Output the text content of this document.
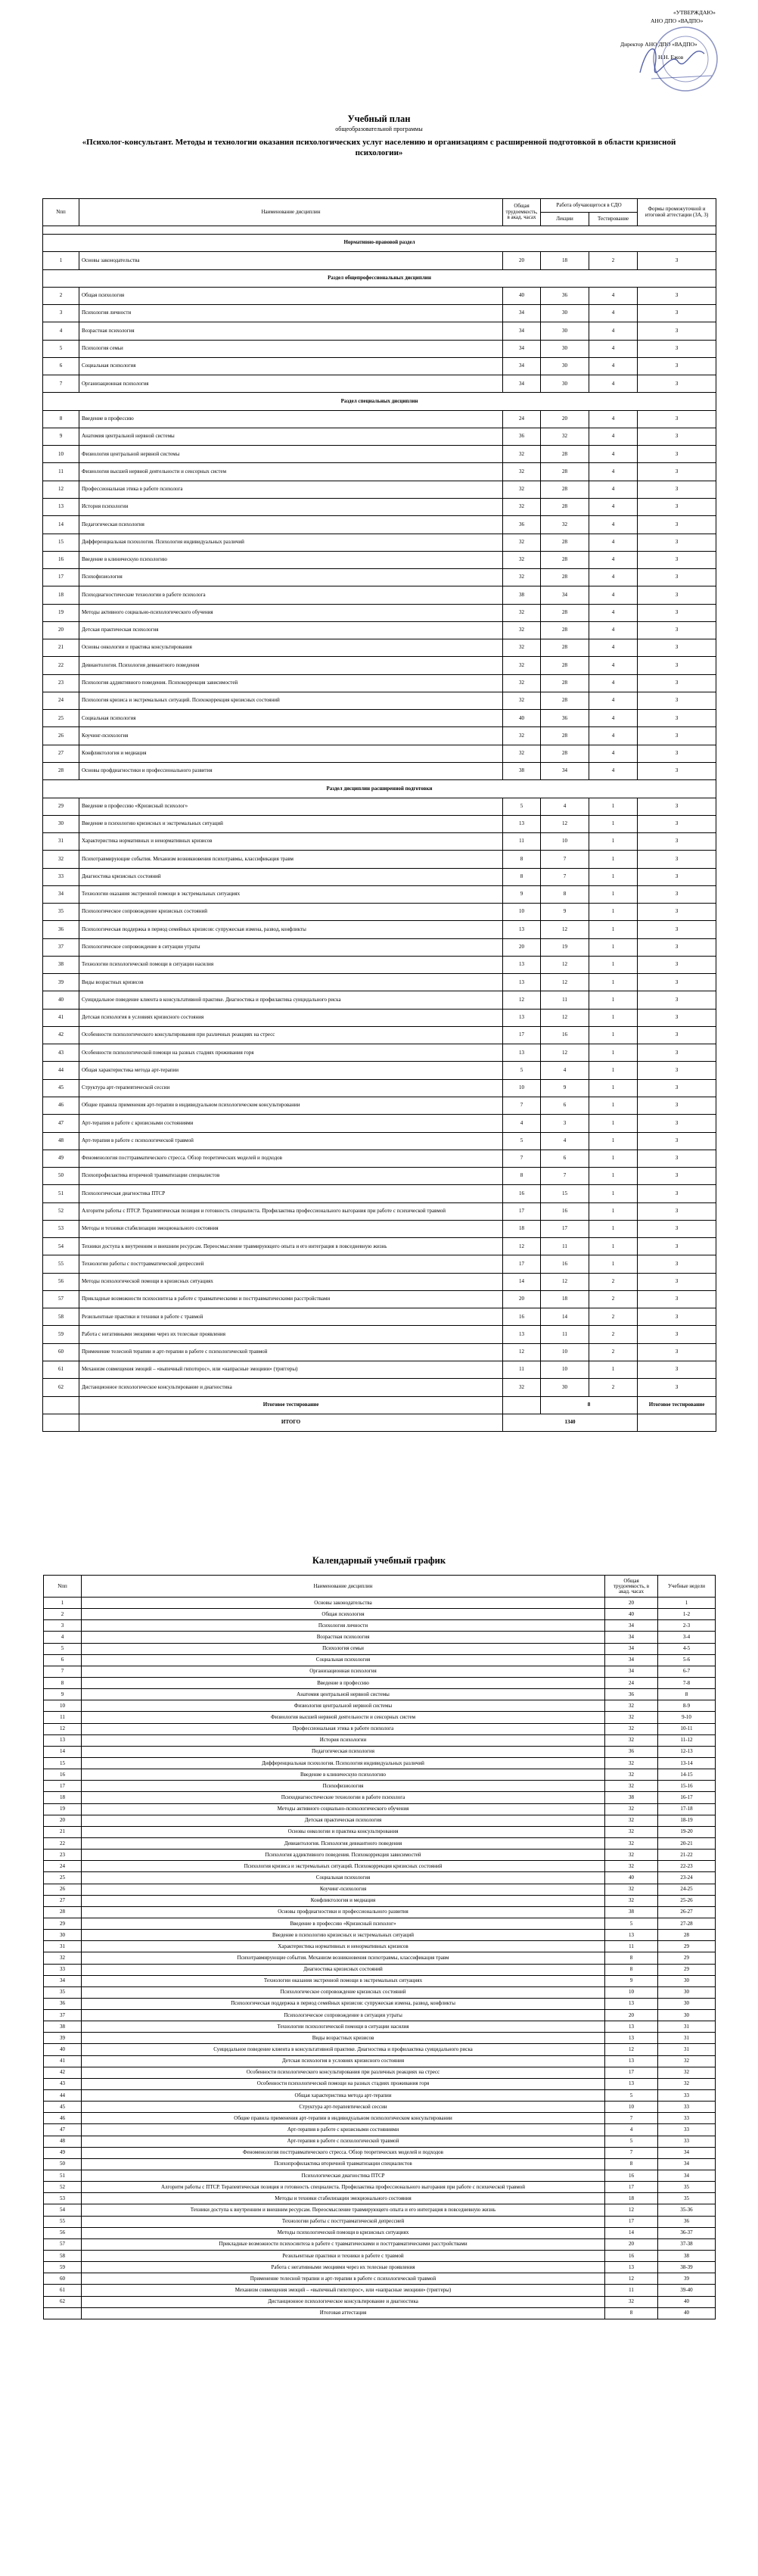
«УТВЕРЖДАЮ»
АНО ДПО «ВАДПО»
Директор АНО ДПО «ВАДПО»
Н.Н. Ежов
Учебный план
общеобразовательной программы
«Психолог-консультант. Методы и технологии оказания психологических услуг населению и организациям с расширенной подготовкой в области кризисной психологии»
Nпп	Наименование дисциплин	Общая трудоемкость, в акад. часах	Работа обучающегося в СДО		Формы промежуточной и итоговой аттестации (ЗА, З)
			Лекции	Тестирование	

Нормативно-правовой раздел					
1	Основы законодательства	20	18	2	З
Раздел общепрофессиональных дисциплин					
2	Общая психология	40	36	4	З
3	Психология личности	34	30	4	З
4	Возрастная психология	34	30	4	З
5	Психология семьи	34	30	4	З
6	Социальная психология	34	30	4	З
7	Организационная психология	34	30	4	З
Раздел специальных дисциплин					
8	Введение в профессию	24	20	4	З
9	Анатомия центральной нервной системы	36	32	4	З
10	Физиология центральной нервной системы	32	28	4	З
11	Физиология высшей нервной деятельности и сенсорных систем	32	28	4	З
12	Профессиональная этика в работе психолога	32	28	4	З
13	История психологии	32	28	4	З
14	Педагогическая психология	36	32	4	З
15	Дифференциальная психология. Психология индивидуальных различий	32	28	4	З
16	Введение в клиническую психологию	32	28	4	З
17	Психофизиология	32	28	4	З
18	Психодиагностические технологии в работе психолога	38	34	4	З
19	Методы активного социально-психологического обучения	32	28	4	З
20	Детская практическая психология	32	28	4	З
21	Основы онкологии и практика консультирования	32	28	4	З
22	Девиантология. Психология девиантного поведения	32	28	4	З
23	Психология аддиктивного поведения. Психокоррекция зависимостей	32	28	4	З
24	Психология кризиса и экстремальных ситуаций. Психокоррекция кризисных состояний	32	28	4	З
25	Социальная психология	40	36	4	З
26	Коучинг-психология	32	28	4	З
27	Конфликтология и медиация	32	28	4	З
28	Основы профдиагностики и профессионального развития	38	34	4	З
Раздел дисциплин расширенной подготовки					
29	Введение в профессию «Кризисный психолог»	5	4	1	З
30	Введение в психологию кризисных и экстремальных ситуаций	13	12	1	З
31	Характеристика нормативных и ненормативных кризисов	11	10	1	З
32	Психотравмирующие события. Механизм возникновения психотравмы, классификация травм	8	7	1	З
33	Диагностика кризисных состояний	8	7	1	З
34	Технологии оказания экстренной помощи в экстремальных ситуациях	9	8	1	З
35	Психологическое сопровождение кризисных состояний	10	9	1	З
36	Психологическая поддержка в период семейных кризисов: супружеская измена, развод, конфликты	13	12	1	З
37	Психологическое сопровождение в ситуации утраты	20	19	1	З
38	Технологии психологической помощи в ситуации насилия	13	12	1	З
39	Виды возрастных кризисов	13	12	1	З
40	Суицидальное поведение клиента в консультативной практике. Диагностика и профилактика суицидального риска	12	11	1	З
41	Детская психология в условиях кризисного состояния	13	12	1	З
42	Особенности психологического консультирования при различных реакциях на стресс	17	16	1	З
43	Особенности психологической помощи на разных стадиях проживания горя	13	12	1	З
44	Общая характеристика метода арт-терапии	5	4	1	З
45	Структура арт-терапевтической сессии	10	9	1	З
46	Общие правила применения арт-терапии в индивидуальном психологическом консультировании	7	6	1	З
47	Арт-терапия в работе с кризисными состояниями	4	3	1	З
48	Арт-терапия в работе с психологической травмой	5	4	1	З
49	Феноменология посттравматического стресса. Обзор теоретических моделей и подходов	7	6	1	З
50	Психопрофилактика вторичной травматизации специалистов	8	7	1	З
51	Психологическая диагностика ПТСР	16	15	1	З
52	Алгоритм работы с ПТСР. Терапевтическая позиция и готовность специалиста. Профилактика профессионального выгорания при работе с психической травмой	17	16	1	З
53	Методы и техники стабилизации эмоционального состояния	18	17	1	З
54	Техники доступа к внутренним и внешним ресурсам. Переосмысление травмирующего опыта и его интеграция в повседневную жизнь	12	11	1	З
55	Технологии работы с посттравматической депрессией	17	16	1	З
56	Методы психологической помощи в кризисных ситуациях	14	12	2	З
57	Прикладные возможности психосинтеза в работе с травматическими и посттравматическими расстройствами	20	18	2	З
58	Резильентные практики и техники в работе с травмой	16	14	2	З
59	Работа с негативными эмоциями через их телесные проявления	13	11	2	З
60	Применение телесной терапии и арт-терапии в работе с психологической травмой	12	10	2	З
61	Механизм совмещения эмоций – «выпечный гипоторос», или «напрасные эмоциии» (триггеры)	11	10	1	З
62	Дистанционное психологическое консультирование и диагностика	32	30	2	З
	Итоговое тестирование		8		Итоговое тестирование
	ИТОГО	1340			
Календарный учебный график
Nпп	Наименование дисциплин	Общая трудоемкость, в акад. часах	Учебные недели
1	Основы законодательства	20	1
2	Общая психология	40	1-2
3	Психология личности	34	2-3
4	Возрастная психология	34	3-4
5	Психология семьи	34	4-5
6	Социальная психология	34	5-6
7	Организационная психология	34	6-7
8	Введение в профессию	24	7-8
9	Анатомия центральной нервной системы	36	8
10	Физиология центральной нервной системы	32	8-9
11	Физиология высшей нервной деятельности и сенсорных систем	32	9-10
12	Профессиональная этика в работе психолога	32	10-11
13	История психологии	32	11-12
14	Педагогическая психология	36	12-13
15	Дифференциальная психология. Психология индивидуальных различий	32	13-14
16	Введение в клиническую психологию	32	14-15
17	Психофизиология	32	15-16
18	Психодиагностические технологии в работе психолога	38	16-17
19	Методы активного социально-психологического обучения	32	17-18
20	Детская практическая психология	32	18-19
21	Основы онкологии и практика консультирования	32	19-20
22	Девиантология. Психология девиантного поведения	32	20-21
23	Психология аддиктивного поведения. Психокоррекция зависимостей	32	21-22
24	Психология кризиса и экстремальных ситуаций. Психокоррекция кризисных состояний	32	22-23
25	Социальная психология	40	23-24
26	Коучинг-психология	32	24-25
27	Конфликтология и медиация	32	25-26
28	Основы профдиагностики и профессионального развития	38	26-27
29	Введение в профессию «Кризисный психолог»	5	27-28
30	Введение в психологию кризисных и экстремальных ситуаций	13	28
31	Характеристика нормативных и ненормативных кризисов	11	29
32	Психотравмирующие события. Механизм возникновения психотравмы, классификация травм	8	29
33	Диагностика кризисных состояний	8	29
34	Технологии оказания экстренной помощи в экстремальных ситуациях	9	30
35	Психологическое сопровождение кризисных состояний	10	30
36	Психологическая поддержка в период семейных кризисов: супружеская измена, развод, конфликты	13	30
37	Психологическое сопровождение в ситуации утраты	20	30
38	Технологии психологической помощи в ситуации насилия	13	31
39	Виды возрастных кризисов	13	31
40	Суицидальное поведение клиента в консультативной практике. Диагностика и профилактика суицидального риска	12	31
41	Детская психология в условиях кризисного состояния	13	32
42	Особенности психологического консультирования при различных реакциях на стресс	17	32
43	Особенности психологической помощи на разных стадиях проживания горя	13	32
44	Общая характеристика метода арт-терапии	5	33
45	Структура арт-терапевтической сессии	10	33
46	Общие правила применения арт-терапии в индивидуальном психологическом консультировании	7	33
47	Арт-терапия в работе с кризисными состояниями	4	33
48	Арт-терапия в работе с психологической травмой	5	33
49	Феноменология посттравматического стресса. Обзор теоретических моделей и подходов	7	34
50	Психопрофилактика вторичной травматизации специалистов	8	34
51	Психологическая диагностика ПТСР	16	34
52	Алгоритм работы с ПТСР. Терапевтическая позиция и готовность специалиста. Профилактика профессионального выгорания при работе с психической травмой	17	35
53	Методы и техники стабилизации эмоционального состояния	18	35
54	Техники доступа к внутренним и внешним ресурсам. Переосмысление травмирующего опыта и его интеграция в повседневную жизнь	12	35-36
55	Технологии работы с посттравматической депрессией	17	36
56	Методы психологической помощи в кризисных ситуациях	14	36-37
57	Прикладные возможности психосинтеза в работе с травматическими и посттравматическими расстройствами	20	37-38
58	Резильентные практики и техники в работе с травмой	16	38
59	Работа с негативными эмоциями через их телесные проявления	13	38-39
60	Применение телесной терапии и арт-терапии в работе с психологической травмой	12	39
61	Механизм совмещения эмоций – «выпечный гипоторос», или «напрасные эмоциии» (триггеры)	11	39-40
62	Дистанционное психологическое консультирование и диагностика	32	40
	Итоговая аттестация	8	40
